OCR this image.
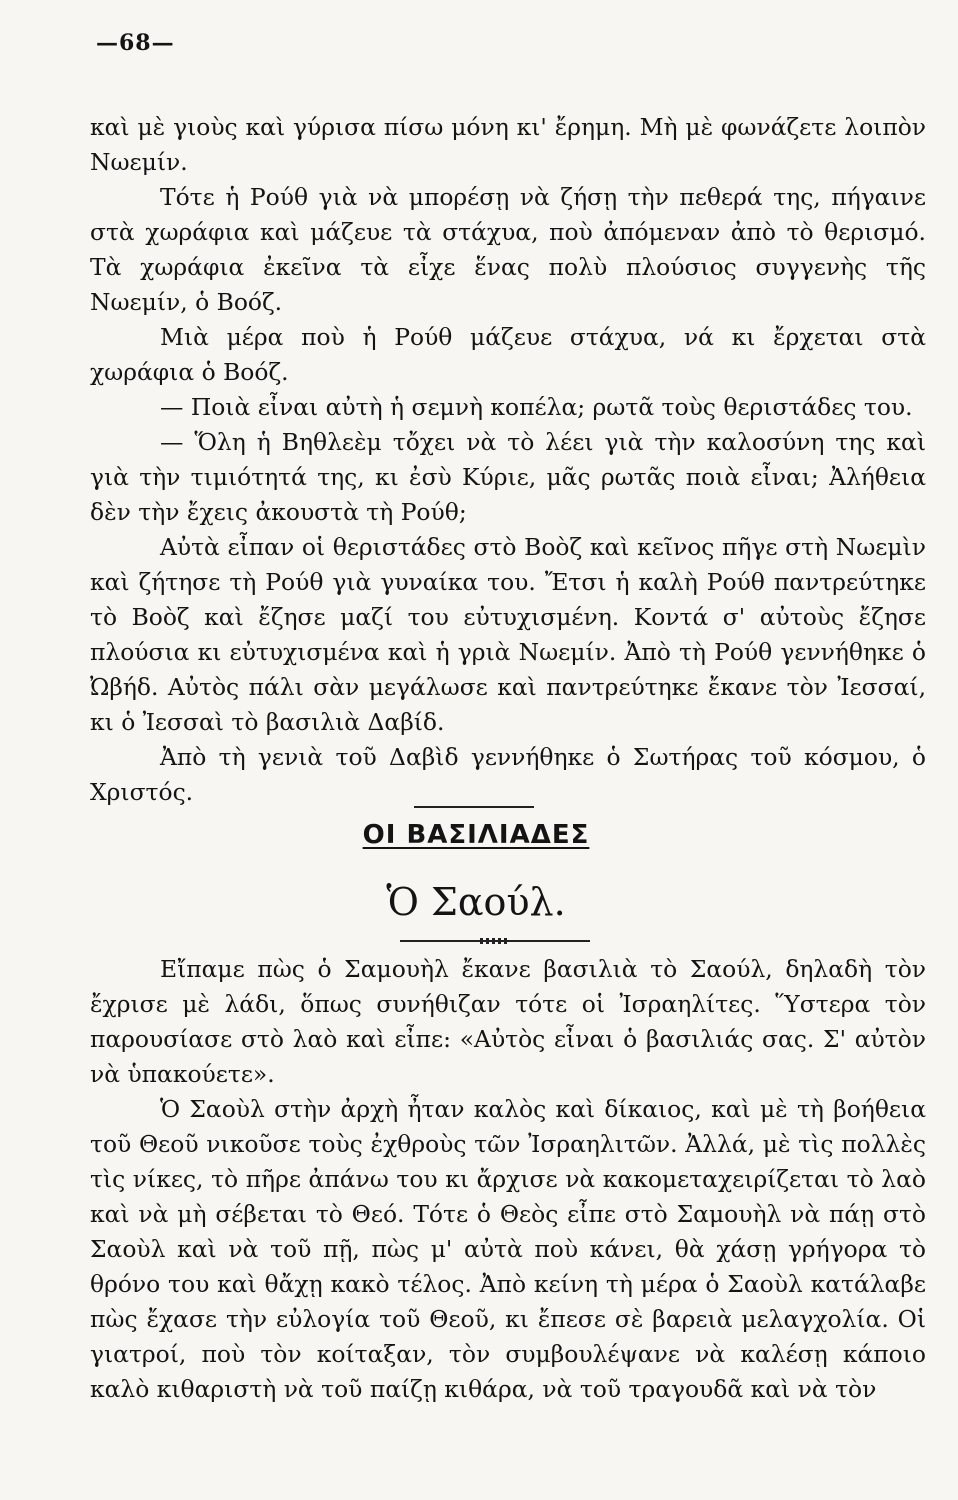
—68—

καὶ μὲ γιοὺς καὶ γύρισα πίσω μόνη κι' ἔρημη. Μὴ μὲ φωνάζετε λοιπὸν Νωεμίν.

Τότε ἡ Ρούθ γιὰ νὰ μπορέσῃ νὰ ζήσῃ τὴν πεθερά της, πήγαινε στὰ χωράφια καὶ μάζευε τὰ στάχυα, ποὺ ἀπόμεναν ἀπὸ τὸ θερισμό. Τὰ χωράφια ἐκεῖνα τὰ εἶχε ἕνας πολὺ πλούσιος συγγενὴς τῆς Νωεμίν, ὁ Βοόζ.

Μιὰ μέρα ποὺ ἡ Ρούθ μάζευε στάχυα, νά κι ἔρχεται στὰ χωράφια ὁ Βοόζ.

— Ποιὰ εἶναι αὐτὴ ἡ σεμνὴ κοπέλα; ρωτᾶ τοὺς θεριστάδες του.

— Ὅλη ἡ Βηθλεὲμ τὄχει νὰ τὸ λέει γιὰ τὴν καλοσύνη της καὶ γιὰ τὴν τιμιότητά της, κι ἐσὺ Κύριε, μᾶς ρωτᾶς ποιὰ εἶναι; Ἀλήθεια δὲν τὴν ἔχεις ἀκουστὰ τὴ Ρούθ;

Αὐτὰ εἶπαν οἱ θεριστάδες στὸ Βοὸζ καὶ κεῖνος πῆγε στὴ Νωεμὶν καὶ ζήτησε τὴ Ρούθ γιὰ γυναίκα του. Ἔτσι ἡ καλὴ Ρούθ παντρεύτηκε τὸ Βοὸζ καὶ ἔζησε μαζί του εὐτυχισμένη. Κοντά σ' αὐτοὺς ἔζησε πλούσια κι εὐτυχισμένα καὶ ἡ γριὰ Νωεμίν. Ἀπὸ τὴ Ρούθ γεννήθηκε ὁ Ὠβήδ. Αὐτὸς πάλι σὰν μεγάλωσε καὶ παντρεύτηκε ἔκανε τὸν Ἰεσσαί, κι ὁ Ἰεσσαὶ τὸ βασιλιὰ Δαβίδ.

Ἀπὸ τὴ γενιὰ τοῦ Δαβὶδ γεννήθηκε ὁ Σωτήρας τοῦ κόσμου, ὁ Χριστός.

ΟΙ ΒΑΣΙΛΙΑΔΕΣ
Ὁ Σαούλ.

Εἴπαμε πὼς ὁ Σαμουὴλ ἔκανε βασιλιὰ τὸ Σαούλ, δηλαδὴ τὸν ἔχρισε μὲ λάδι, ὅπως συνήθιζαν τότε οἱ Ἰσραηλίτες. Ὕστερα τὸν παρουσίασε στὸ λαὸ καὶ εἶπε: «Αὐτὸς εἶναι ὁ βασιλιάς σας. Σ' αὐτὸν νὰ ὑπακούετε».

Ὁ Σαοὺλ στὴν ἀρχὴ ἦταν καλὸς καὶ δίκαιος, καὶ μὲ τὴ βοήθεια τοῦ Θεοῦ νικοῦσε τοὺς ἐχθροὺς τῶν Ἰσραηλιτῶν. Ἀλλά, μὲ τὶς πολλὲς τὶς νίκες, τὸ πῆρε ἀπάνω του κι ἄρχισε νὰ κακομεταχειρίζεται τὸ λαὸ καὶ νὰ μὴ σέβεται τὸ Θεό. Τότε ὁ Θεὸς εἶπε στὸ Σαμουὴλ νὰ πάῃ στὸ Σαοὺλ καὶ νὰ τοῦ πῇ, πὼς μ' αὐτὰ ποὺ κάνει, θὰ χάσῃ γρήγορα τὸ θρόνο του καὶ θἄχῃ κακὸ τέλος. Ἀπὸ κείνη τὴ μέρα ὁ Σαοὺλ κατάλαβε πὼς ἔχασε τὴν εὐλογία τοῦ Θεοῦ, κι ἔπεσε σὲ βαρειὰ μελαγχολία. Οἱ γιατροί, ποὺ τὸν κοίταξαν, τὸν συμβουλέψανε νὰ καλέσῃ κάποιο καλὸ κιθαριστὴ νὰ τοῦ παίζῃ κιθάρα, νὰ τοῦ τραγουδᾶ καὶ νὰ τὸν
